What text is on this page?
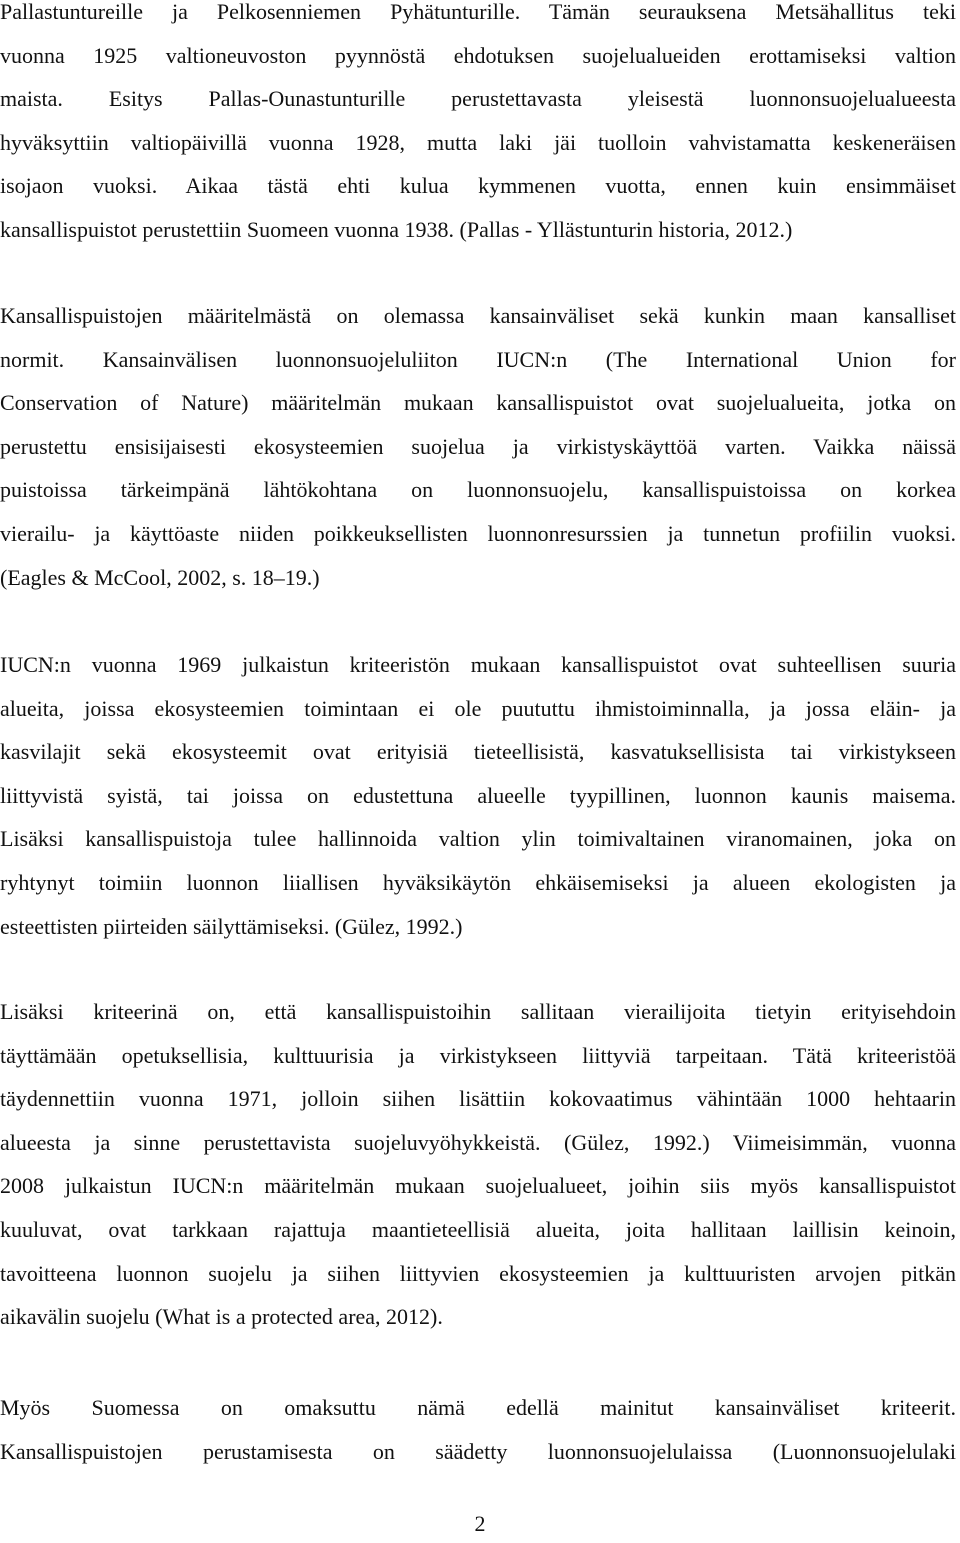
Pallastuntureille ja Pelkosenniemen Pyhätunturille. Tämän seurauksena Metsähallitus teki
vuonna 1925 valtioneuvoston pyynnöstä ehdotuksen suojelualueiden erottamiseksi valtion
maista. Esitys Pallas-Ounastunturille perustettavasta yleisestä luonnonsuojelualueesta
hyväksyttiin valtiopäivillä vuonna 1928, mutta laki jäi tuolloin vahvistamatta keskeneräisen
isojaon vuoksi. Aikaa tästä ehti kulua kymmenen vuotta, ennen kuin ensimmäiset
kansallispuistot perustettiin Suomeen vuonna 1938. (Pallas - Yllästunturin historia, 2012.)
Kansallispuistojen määritelmästä on olemassa kansainväliset sekä kunkin maan kansalliset
normit. Kansainvälisen luonnonsuojeluliiton IUCN:n (The International Union for
Conservation of Nature) määritelmän mukaan kansallispuistot ovat suojelualueita, jotka on
perustettu ensisijaisesti ekosysteemien suojelua ja virkistyskäyttöä varten. Vaikka näissä
puistoissa tärkeimpänä lähtökohtana on luonnonsuojelu, kansallispuistoissa on korkea
vierailu- ja käyttöaste niiden poikkeuksellisten luonnonresurssien ja tunnetun profiilin vuoksi.
(Eagles & McCool, 2002, s. 18–19.)
IUCN:n vuonna 1969 julkaistun kriteeristön mukaan kansallispuistot ovat suhteellisen suuria
alueita, joissa ekosysteemien toimintaan ei ole puututtu ihmistoiminnalla, ja jossa eläin- ja
kasvilajit sekä ekosysteemit ovat erityisiä tieteellisistä, kasvatuksellisista tai virkistykseen
liittyvistä syistä, tai joissa on edustettuna alueelle tyypillinen, luonnon kaunis maisema.
Lisäksi kansallispuistoja tulee hallinnoida valtion ylin toimivaltainen viranomainen, joka on
ryhtynyt toimiin luonnon liiallisen hyväksikäytön ehkäisemiseksi ja alueen ekologisten ja
esteettisten piirteiden säilyttämiseksi. (Gülez, 1992.)
Lisäksi kriteerinä on, että kansallispuistoihin sallitaan vierailijoita tietyin erityisehdoin
täyttämään opetuksellisia, kulttuurisia ja virkistykseen liittyviä tarpeitaan. Tätä kriteeristöä
täydennettiin vuonna 1971, jolloin siihen lisättiin kokovaatimus vähintään 1000 hehtaarin
alueesta ja sinne perustettavista suojeluvyöhykkeistä. (Gülez, 1992.) Viimeisimmän, vuonna
2008 julkaistun IUCN:n määritelmän mukaan suojelualueet, joihin siis myös kansallispuistot
kuuluvat, ovat tarkkaan rajattuja maantieteellisiä alueita, joita hallitaan laillisin keinoin,
tavoitteena luonnon suojelu ja siihen liittyvien ekosysteemien ja kulttuuristen arvojen pitkän
aikavälin suojelu (What is a protected area, 2012).
Myös Suomessa on omaksuttu nämä edellä mainitut kansainväliset kriteerit.
Kansallispuistojen perustamisesta on säädetty luonnonsuojelulaissa (Luonnonsuojelulaki
2
